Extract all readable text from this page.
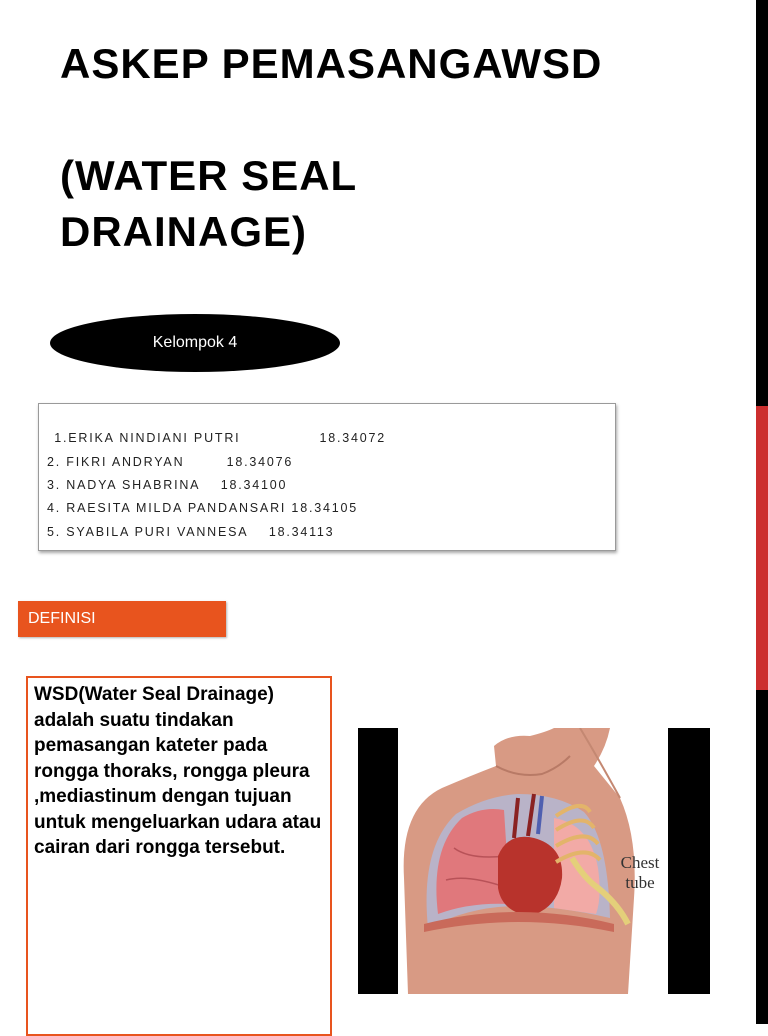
ASKEP PEMASANGAWSD
(WATER SEAL
DRAINAGE)
Kelompok 4
1.ERIKA NINDIANI PUTRI               18.34072
2. FIKRI ANDRYAN        18.34076
3. NADYA SHABRINA    18.34100
4. RAESITA MILDA PANDANSARI 18.34105
5. SYABILA PURI VANNESA    18.34113
DEFINISI

WSD(Water Seal Drainage) adalah suatu tindakan pemasangan kateter pada rongga thoraks, rongga pleura ,mediastinum dengan tujuan untuk mengeluarkan udara atau cairan dari rongga tersebut.

Chest
tube
